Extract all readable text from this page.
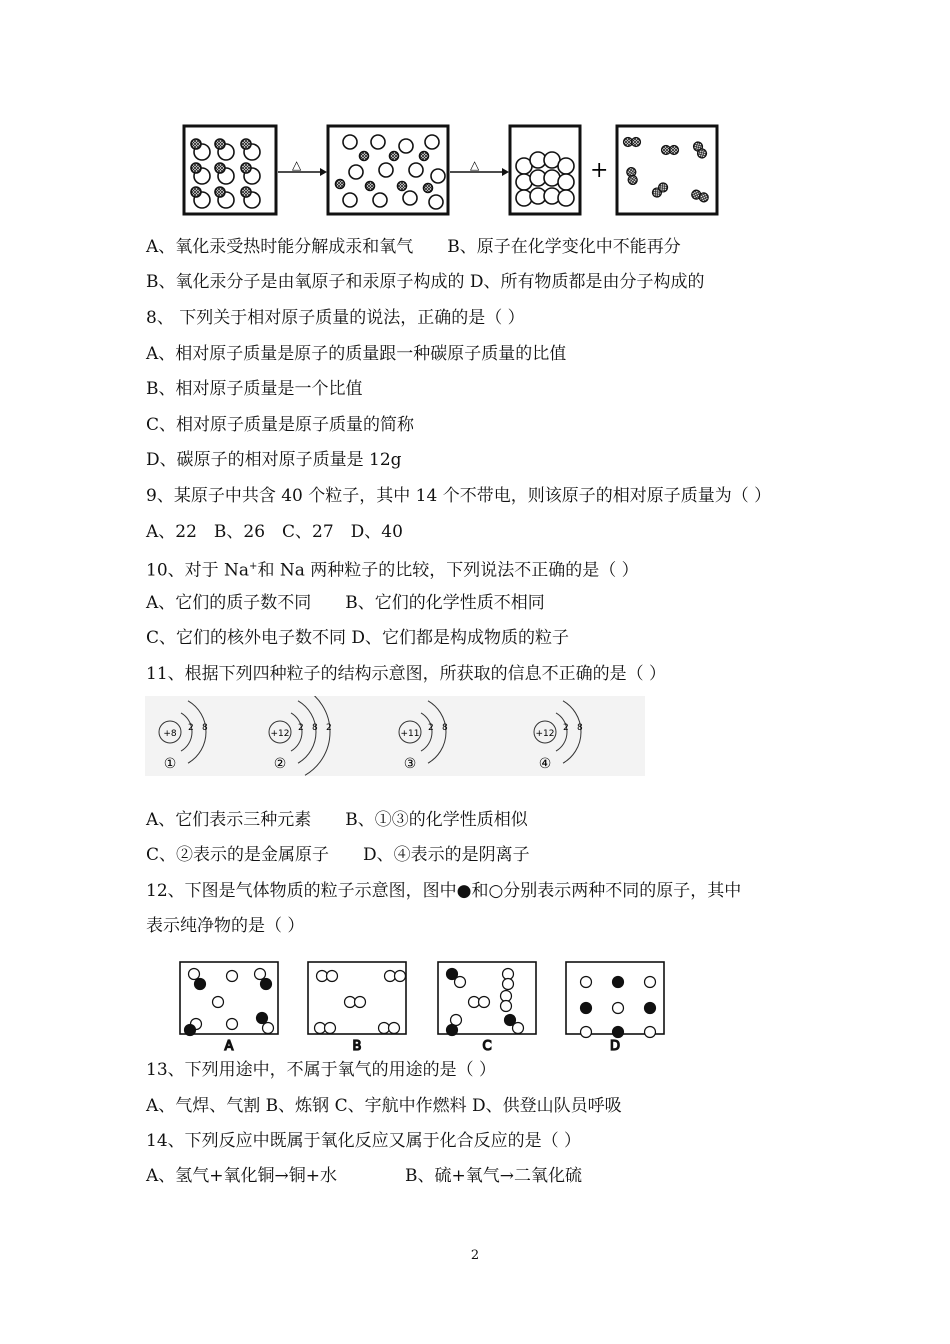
△	△	+
A、氧化汞受热时能分解成汞和氧气　　B、原子在化学变化中不能再分
B、氧化汞分子是由氧原子和汞原子构成的 D、所有物质都是由分子构成的
8、 下列关于相对原子质量的说法，正确的是（ ）
A、相对原子质量是原子的质量跟一种碳原子质量的比值
B、相对原子质量是一个比值
C、相对原子质量是原子质量的简称
D、碳原子的相对原子质量是 12g
9、某原子中共含 40 个粒子，其中 14 个不带电，则该原子的相对原子质量为（ ）
A、22　B、26　C、27　D、40
10、对于 Na+和 Na 两种粒子的比较，下列说法不正确的是（ ）
A、它们的质子数不同　　B、它们的化学性质不相同
C、它们的核外电子数不同 D、它们都是构成物质的粒子
11、根据下列四种粒子的结构示意图，所获取的信息不正确的是（ ）
+8
2 8
①
+12
2 8 2
②
+11
2 8
③
+12
2 8
④
A、它们表示三种元素　　B、①③的化学性质相似
C、②表示的是金属原子　　D、④表示的是阴离子
12、下图是气体物质的粒子示意图，图中●和○分别表示两种不同的原子，其中
表示纯净物的是（ ）
A	B	C	D
13、下列用途中，不属于氧气的用途的是（ ）
A、气焊、气割 B、炼钢 C、宇航中作燃料 D、供登山队员呼吸
14、下列反应中既属于氧化反应又属于化合反应的是（ ）
A、氢气+氧化铜→铜+水　　　　B、硫+氧气→二氧化硫
2
